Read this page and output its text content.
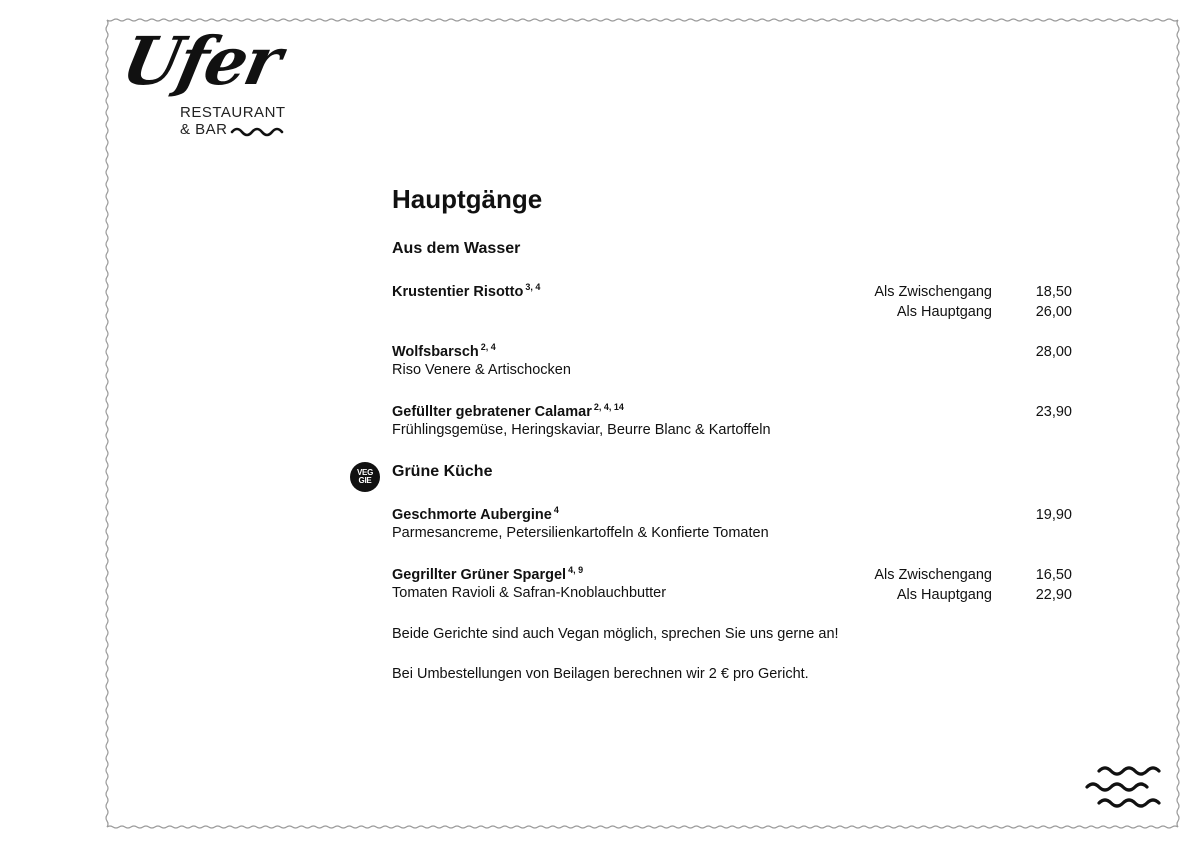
Ufer
RESTAURANT
& BAR
Hauptgänge
Aus dem Wasser
Krustentier Risotto $^{3, 4}$	Als Zwischengang	18,50
Als Hauptgang	26,00
Wolfsbarsch $^{2, 4}$
Riso Venere & Artischocken
28,00
Gefüllter gebratener Calamar $^{2, 4, 14}$
Frühlingsgemüse, Heringskaviar, Beurre Blanc & Kartoffeln
23,90
Grüne Küche
Geschmorte Aubergine $^4$
Parmesancreme, Petersilienkartoffeln & Konfierte Tomaten
19,90
Gegrillter Grüner Spargel $^{4, 9}$
Tomaten Ravioli & Safran-Knoblauchbutter
Als Zwischengang	16,50
Als Hauptgang	22,90
Beide Gerichte sind auch Vegan möglich, sprechen Sie uns gerne an!
Bei Umbestellungen von Beilagen berechnen wir 2 € pro Gericht.
VEG GIE
